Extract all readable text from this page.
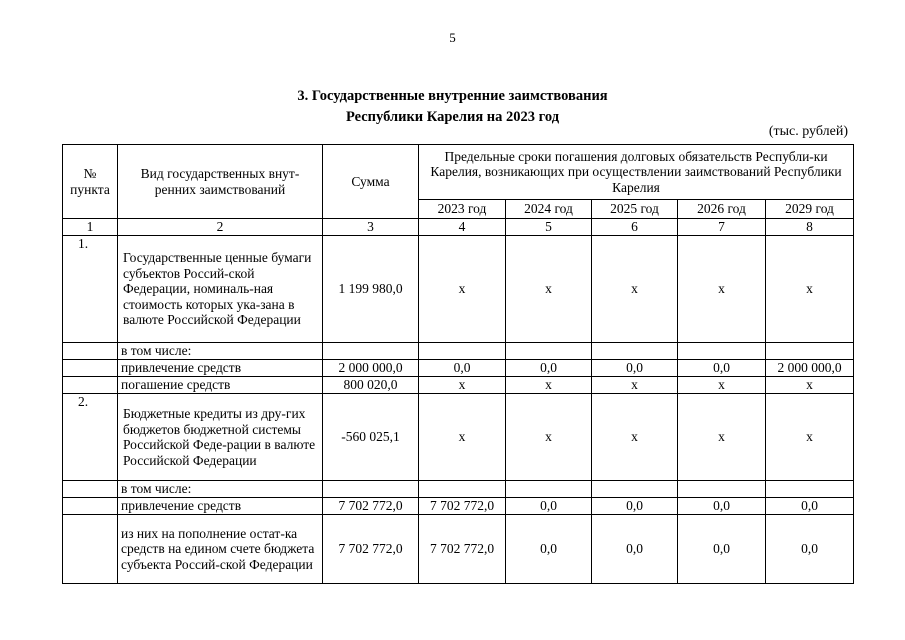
5
3. Государственные внутренние заимствования
Республики Карелия на 2023 год
(тыс. рублей)
№ пункта	Вид государственных внут-ренних заимствований	Сумма	Предельные сроки погашения долговых обязательств Республи-ки Карелия, возникающих при осуществлении заимствований Республики Карелия				
			2023 год	2024 год	2025 год	2026 год	2029 год
1	2	3	4	5	6	7	8
1.	Государственные ценные бумаги субъектов Россий-ской Федерации, номиналь-ная стоимость которых ука-зана в валюте Российской Федерации	1 199 980,0	x	x	x	x	x
	в том числе:						
	привлечение средств	2 000 000,0	0,0	0,0	0,0	0,0	2 000 000,0
	погашение средств	800 020,0	x	x	x	x	x
2.	Бюджетные кредиты из дру-гих бюджетов бюджетной системы Российской Феде-рации в валюте Российской Федерации	-560 025,1	x	x	x	x	x
	в том числе:						
	привлечение средств	7 702 772,0	7 702 772,0	0,0	0,0	0,0	0,0
	из них на пополнение остат-ка средств на едином счете бюджета субъекта Россий-ской Федерации	7 702 772,0	7 702 772,0	0,0	0,0	0,0	0,0
